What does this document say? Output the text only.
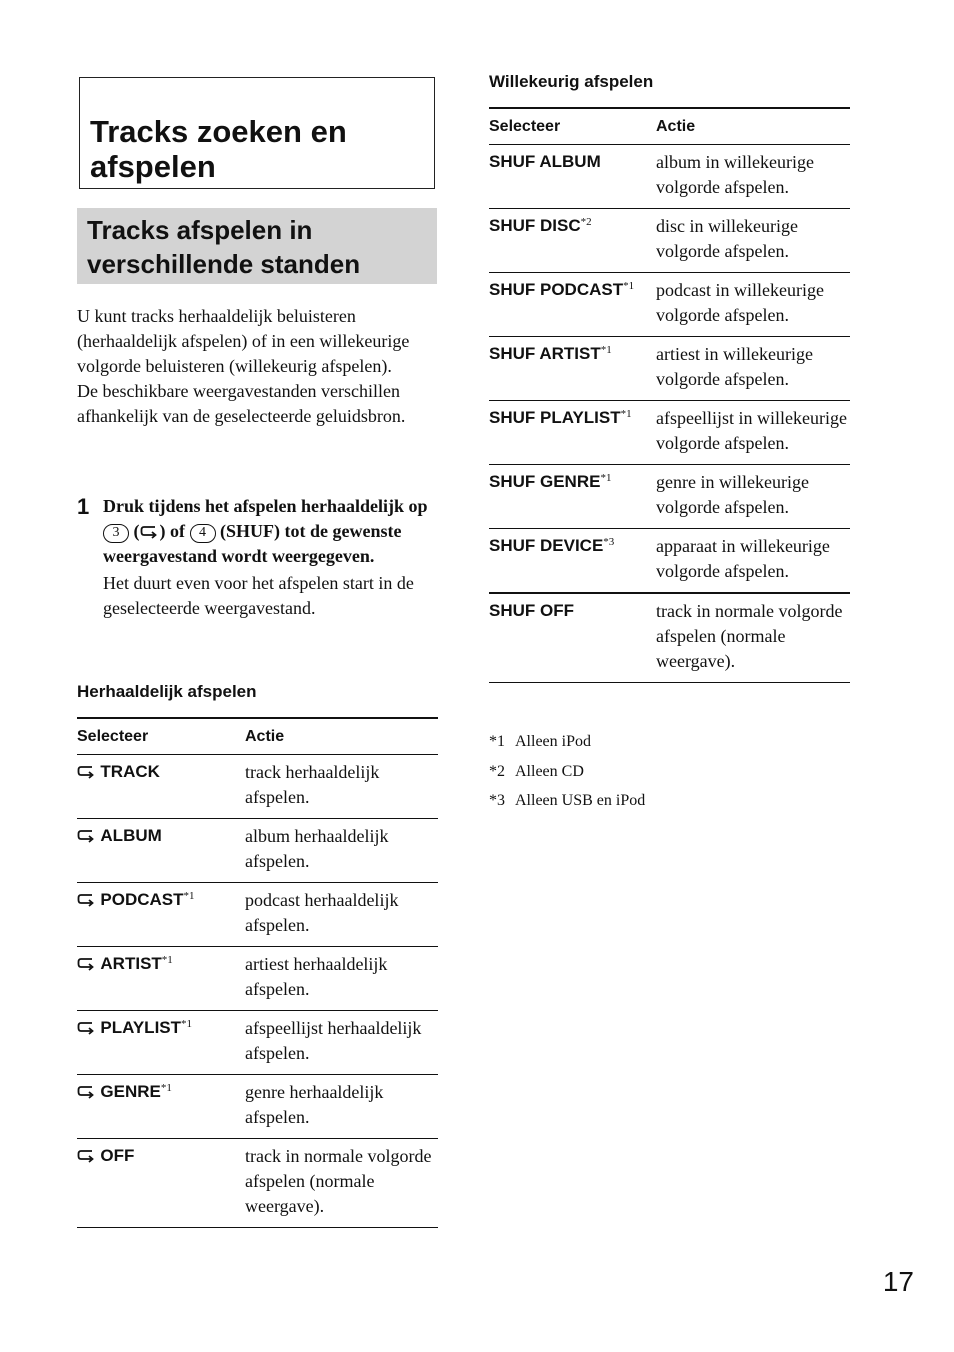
Tracks zoeken en afspelen
Tracks afspelen in verschillende standen

U kunt tracks herhaaldelijk beluisteren (herhaaldelijk afspelen) of in een willekeurige volgorde beluisteren (willekeurig afspelen).

De beschikbare weergavestanden verschillen afhankelijk van de geselecteerde geluidsbron.

1 Druk tijdens het afspelen herhaaldelijk op 3 ( ) of 4 (SHUF) tot de gewenste weergavestand wordt weergegeven.

Het duurt even voor het afspelen start in de geselecteerde weergavestand.

Herhaaldelijk afspelen
Selecteer	Actie

 TRACK	track herhaaldelijk afspelen.

 ALBUM	album herhaaldelijk afspelen.

 PODCAST$^{*1}$	podcast herhaaldelijk afspelen.

 ARTIST$^{*1}$	artiest herhaaldelijk afspelen.

 PLAYLIST$^{*1}$	afspeellijst herhaaldelijk afspelen.

 GENRE$^{*1}$	genre herhaaldelijk afspelen.

 OFF	track in normale volgorde afspelen (normale weergave).
Willekeurig afspelen
Selecteer	Actie
SHUF ALBUM	album in willekeurige volgorde afspelen.
SHUF DISC$^{*2}$	disc in willekeurige volgorde afspelen.
SHUF PODCAST$^{*1}$	podcast in willekeurige volgorde afspelen.
SHUF ARTIST$^{*1}$	artiest in willekeurige volgorde afspelen.
SHUF PLAYLIST$^{*1}$	afspeellijst in willekeurige volgorde afspelen.
SHUF GENRE$^{*1}$	genre in willekeurige volgorde afspelen.
SHUF DEVICE$^{*3}$	apparaat in willekeurige volgorde afspelen.
SHUF OFF	track in normale volgorde afspelen (normale weergave).
*1 Alleen iPod
*2 Alleen CD
*3 Alleen USB en iPod
17
